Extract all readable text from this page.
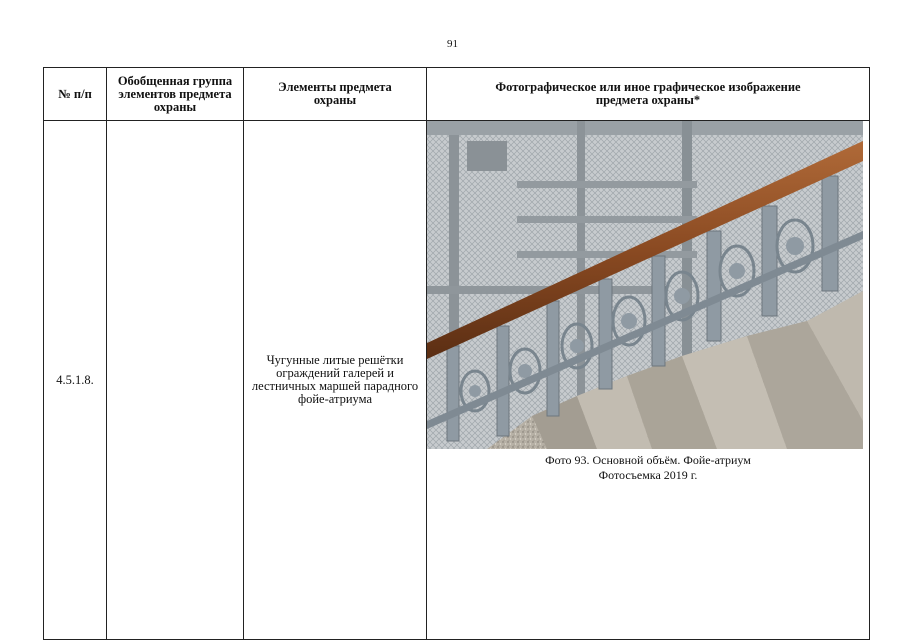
91
№ п/п	Обобщенная группа элементов предмета охраны	Элементы предмета охраны	Фотографическое или иное графическое изображение предмета охраны*
4.5.1.8.		Чугунные литые решётки ограждений галерей и лестничных маршей парадного фойе-атриума	Фото 93. Основной объём. Фойе-атриум
Фотосъемка 2019 г.
